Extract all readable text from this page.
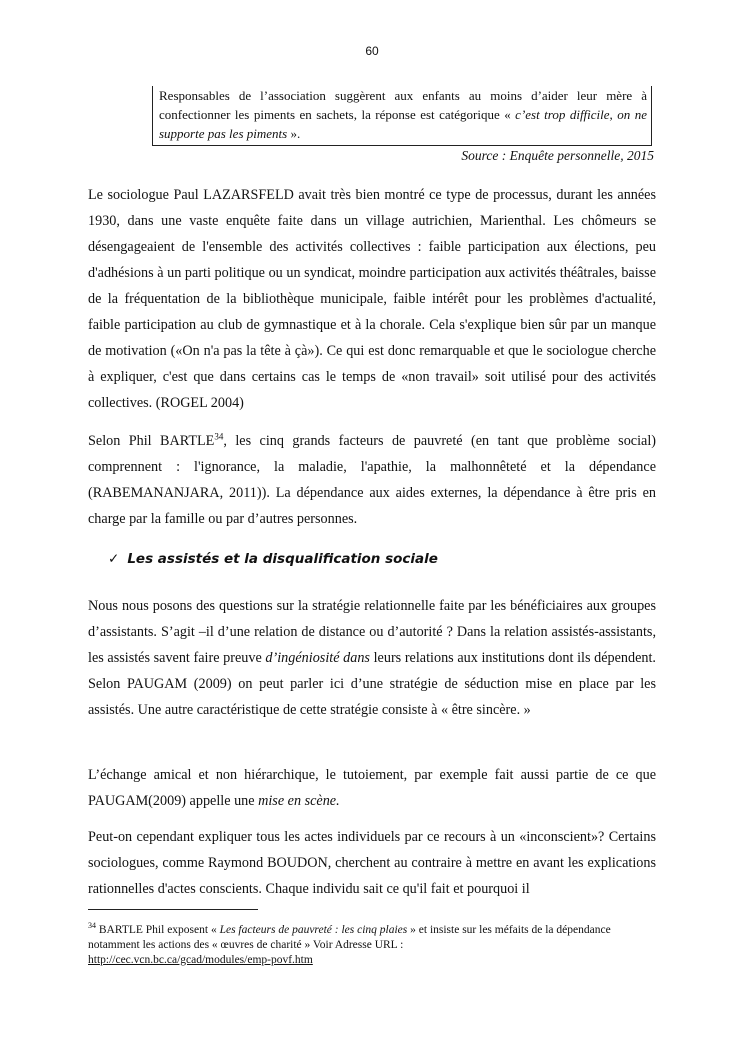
60
Responsables de l’association suggèrent aux enfants au moins d’aider leur mère à confectionner les piments en sachets, la réponse est catégorique « c’est trop difficile, on ne supporte pas les piments ».
Source : Enquête personnelle, 2015
Le sociologue Paul LAZARSFELD avait très bien montré ce type de processus, durant les années 1930, dans une vaste enquête faite dans un village autrichien, Marienthal. Les chômeurs se désengageaient de l'ensemble des activités collectives : faible participation aux élections, peu d'adhésions à un parti politique ou un syndicat, moindre participation aux activités théâtrales, baisse de la fréquentation de la bibliothèque municipale, faible intérêt pour les problèmes d'actualité, faible participation au club de gymnastique et à la chorale. Cela s'explique bien sûr par un manque de motivation («On n'a pas la tête à çà»). Ce qui est donc remarquable et que le sociologue cherche à expliquer, c'est que dans certains cas le temps de «non travail» soit utilisé pour des activités collectives. (ROGEL 2004)
Selon Phil BARTLE$^{34}$, les cinq grands facteurs de pauvreté (en tant que problème social) comprennent : l'ignorance, la maladie, l'apathie, la malhonnêteté et la dépendance (RABEMANANJARA, 2011)). La dépendance aux aides externes, la dépendance à être pris en charge par la famille ou par d’autres personnes.
✓ Les assistés et la disqualification sociale
Nous nous posons des questions sur la stratégie relationnelle faite par les bénéficiaires aux groupes d’assistants. S’agit –il d’une relation de distance ou d’autorité ? Dans la relation assistés-assistants, les assistés savent faire preuve d’ingéniosité dans leurs relations aux institutions dont ils dépendent. Selon PAUGAM (2009) on peut parler ici d’une stratégie de séduction mise en place par les assistés. Une autre caractéristique de cette stratégie consiste à « être sincère. »
L’échange amical et non hiérarchique, le tutoiement, par exemple fait aussi partie de ce que PAUGAM(2009) appelle une mise en scène.
Peut-on cependant expliquer tous les actes individuels par ce recours à un «inconscient»? Certains sociologues, comme Raymond BOUDON, cherchent au contraire à mettre en avant les explications rationnelles d'actes conscients. Chaque individu sait ce qu'il fait et pourquoi il
$^{34}$ BARTLE Phil exposent « Les facteurs de pauvreté : les cinq plaies » et insiste sur les méfaits de la dépendance notamment les actions des « œuvres de charité » Voir Adresse URL :
http://cec.vcn.bc.ca/gcad/modules/emp-povf.htm
